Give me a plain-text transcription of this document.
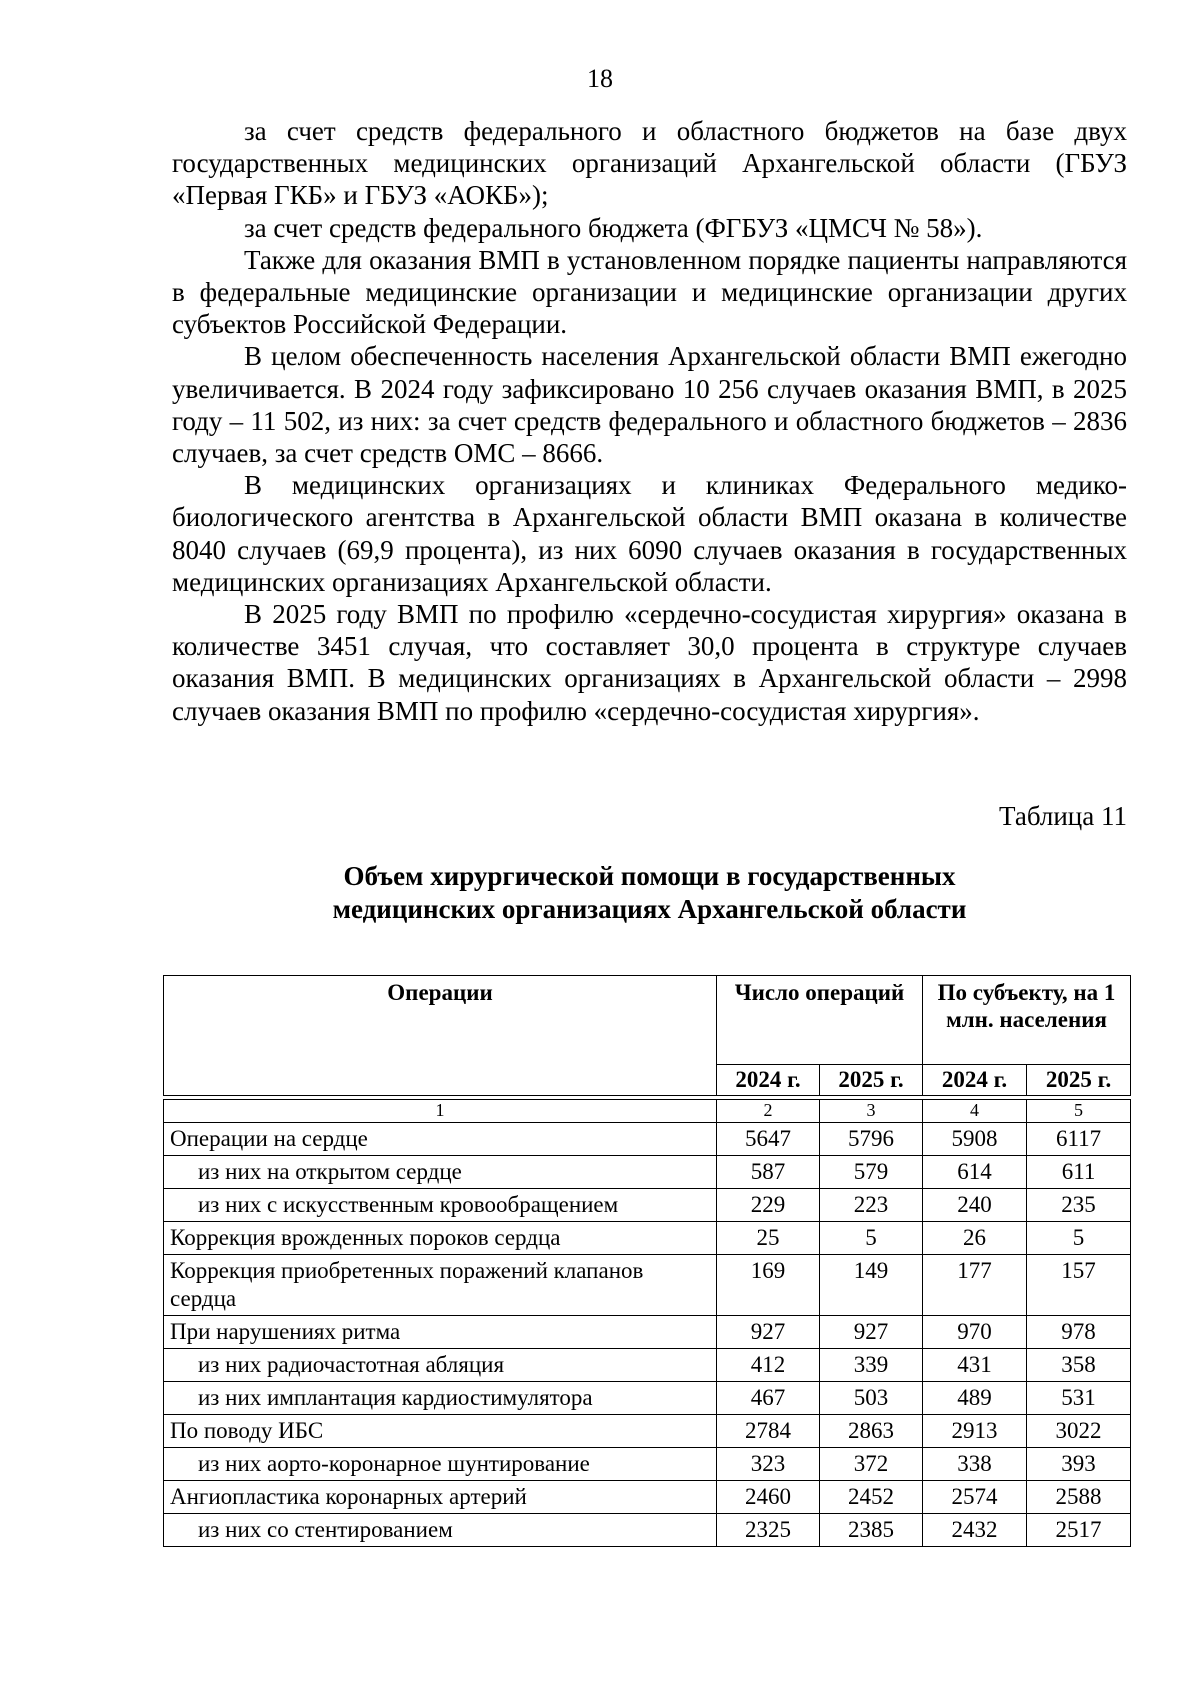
18

за счет средств федерального и областного бюджетов на базе двух государственных медицинских организаций Архангельской области (ГБУЗ «Первая ГКБ» и ГБУЗ «АОКБ»);

за счет средств федерального бюджета (ФГБУЗ «ЦМСЧ № 58»).

Также для оказания ВМП в установленном порядке пациенты направляются в федеральные медицинские организации и медицинские организации других субъектов Российской Федерации.

В целом обеспеченность населения Архангельской области ВМП ежегодно увеличивается. В 2024 году зафиксировано 10 256 случаев оказания ВМП, в 2025 году – 11 502, из них: за счет средств федерального и областного бюджетов – 2836 случаев, за счет средств ОМС – 8666.

В медицинских организациях и клиниках Федерального медико-биологического агентства в Архангельской области ВМП оказана в количестве 8040 случаев (69,9 процента), из них 6090 случаев оказания в государственных медицинских организациях Архангельской области.

В 2025 году ВМП по профилю «сердечно-сосудистая хирургия» оказана в количестве 3451 случая, что составляет 30,0 процента в структуре случаев оказания ВМП. В медицинских организациях в Архангельской области – 2998 случаев оказания ВМП по профилю «сердечно-сосудистая хирургия».

Таблица 11
Объем хирургической помощи в государственных
медицинских организациях Архангельской области
Операции	Число операций		По субъекту, на 1 млн. населения	
	2024 г.	2025 г.	2024 г.	2025 г.

1	2	3	4	5
Операции на сердце	5647	5796	5908	6117
из них на открытом сердце	587	579	614	611
из них с искусственным кровообращением	229	223	240	235
Коррекция врожденных пороков сердца	25	5	26	5
Коррекция приобретенных поражений клапанов сердца	169	149	177	157
При нарушениях ритма	927	927	970	978
из них радиочастотная абляция	412	339	431	358
из них имплантация кардиостимулятора	467	503	489	531
По поводу ИБС	2784	2863	2913	3022
из них аорто-коронарное шунтирование	323	372	338	393
Ангиопластика коронарных артерий	2460	2452	2574	2588
из них со стентированием	2325	2385	2432	2517
